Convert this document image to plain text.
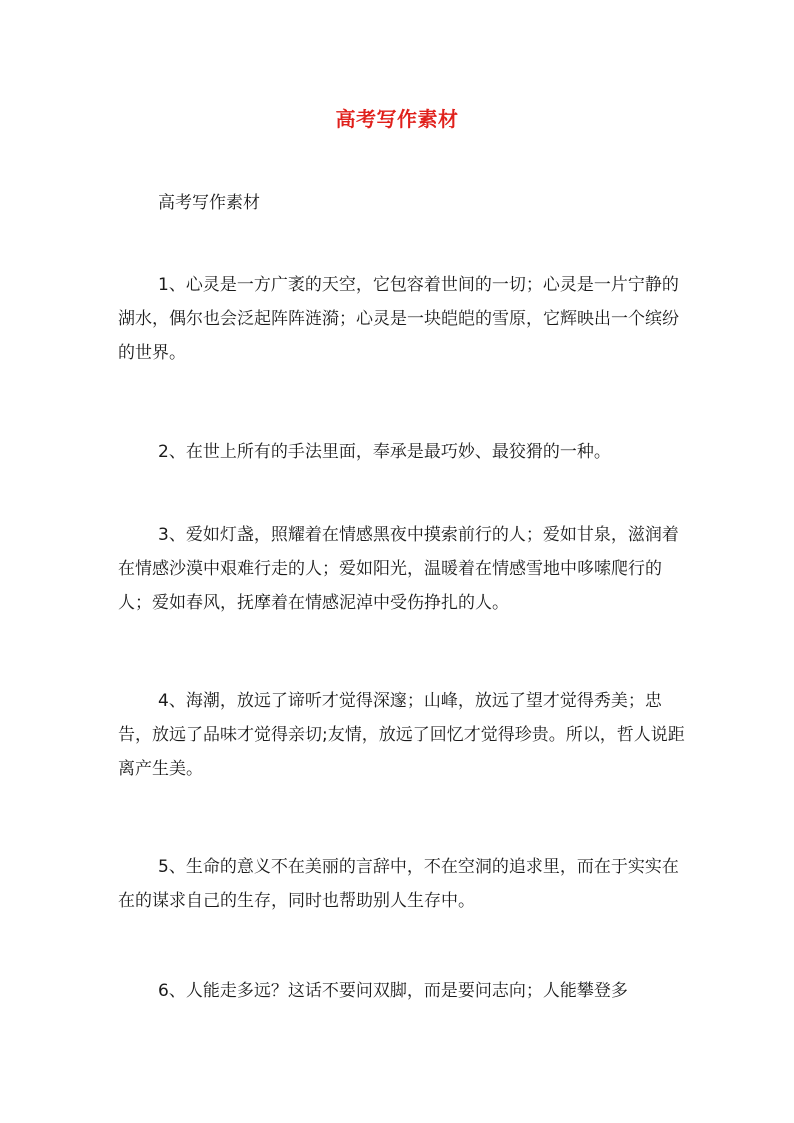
高考写作素材
高考写作素材

1、心灵是一方广袤的天空，它包容着世间的一切；心灵是一片宁静的湖水，偶尔也会泛起阵阵涟漪；心灵是一块皑皑的雪原，它辉映出一个缤纷的世界。

2、在世上所有的手法里面，奉承是最巧妙、最狡猾的一种。

3、爱如灯盏，照耀着在情感黑夜中摸索前行的人；爱如甘泉，滋润着在情感沙漠中艰难行走的人；爱如阳光，温暖着在情感雪地中哆嗦爬行的人；爱如春风，抚摩着在情感泥淖中受伤挣扎的人。

4、海潮，放远了谛听才觉得深邃；山峰，放远了望才觉得秀美；忠告，放远了品味才觉得亲切;友情，放远了回忆才觉得珍贵。所以，哲人说距离产生美。

5、生命的意义不在美丽的言辞中，不在空洞的追求里，而在于实实在在的谋求自己的生存，同时也帮助别人生存中。

6、人能走多远？这话不要问双脚，而是要问志向；人能攀登多
